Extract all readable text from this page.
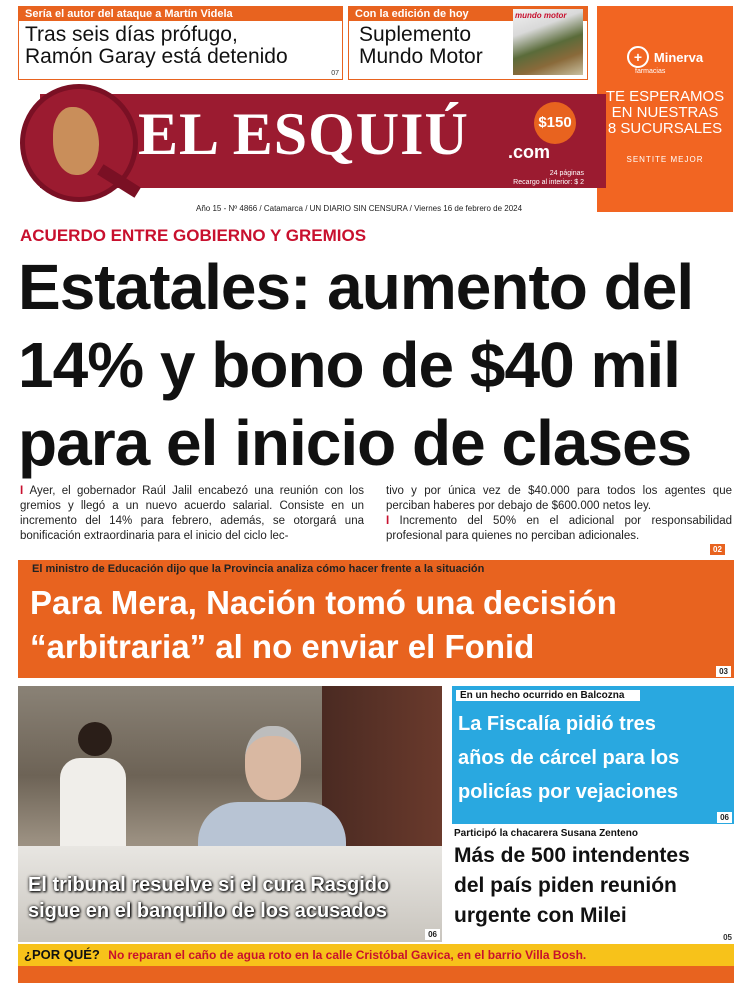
Sería el autor del ataque a Martín Videla
Tras seis días prófugo,
Ramón Garay está detenido
07
Con la edición de hoy
Suplemento
Mundo Motor
mundo motor
+ Minerva
farmacias
TE ESPERAMOS
EN NUESTRAS
8 SUCURSALES
SENTITE MEJOR
EL ESQUIÚ .com
$150
24 páginas
Recargo al interior: $ 2
Año 15 - Nº 4866 / Catamarca / UN DIARIO SIN CENSURA / Viernes 16 de febrero de 2024
ACUERDO ENTRE GOBIERNO Y GREMIOS
Estatales: aumento del
14% y bono de $40 mil
para el inicio de clases
I Ayer, el gobernador Raúl Jalil encabezó una reunión con los gremios y llegó a un nuevo acuerdo salarial. Consiste en un incremento del 14% para febrero, además, se otorgará una bonificación extraordinaria para el inicio del ciclo lec-
tivo y por única vez de $40.000 para todos los agentes que perciban haberes por debajo de $600.000 netos ley.
I Incremento del 50% en el adicional por responsabilidad profesional para quienes no perciban adicionales.
02
El ministro de Educación dijo que la Provincia analiza cómo hacer frente a la situación
Para Mera, Nación tomó una decisión
“arbitraria” al no enviar el Fonid
03
El tribunal resuelve si el cura Rasgido
sigue en el banquillo de los acusados
06
En un hecho ocurrido en Balcozna
La Fiscalía pidió tres
años de cárcel para los
policías por vejaciones
06
Participó la chacarera Susana Zenteno
Más de 500 intendentes
del país piden reunión
urgente con Milei
05
¿POR QUÉ? No reparan el caño de agua roto en la calle Cristóbal Gavica, en el barrio Villa Bosh.

facebook.com/elesquiu  Twitter: @elesquiu  Instagram: elesquiu  YouTube: youtube.com/elesquiu  WhatsApp: 3834453001
